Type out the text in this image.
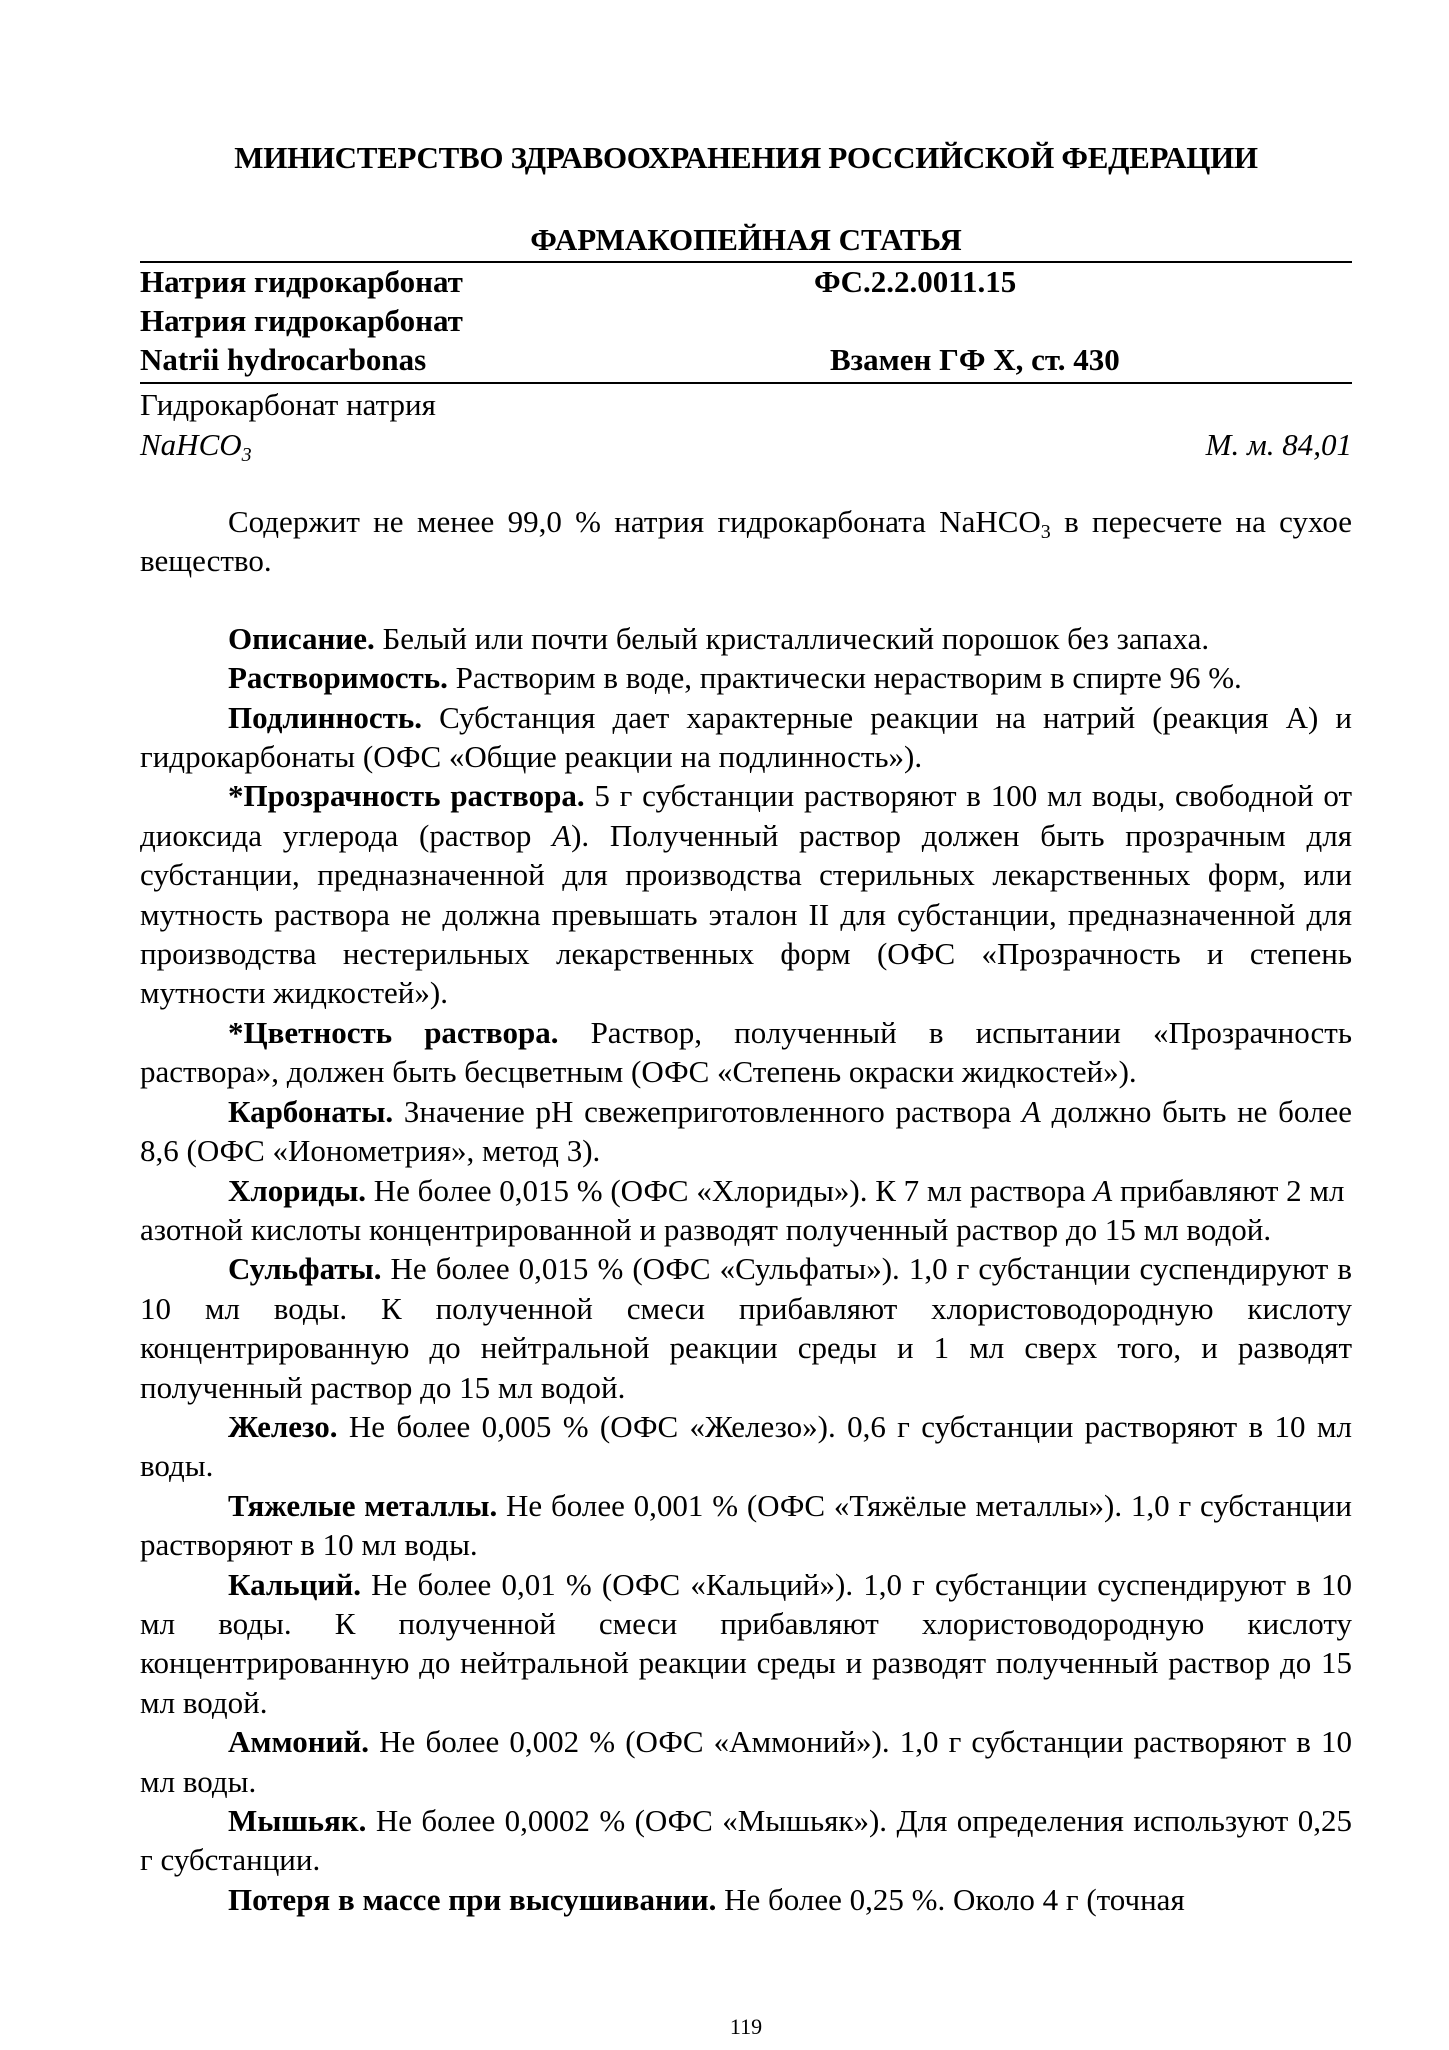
МИНИСТЕРСТВО ЗДРАВООХРАНЕНИЯ РОССИЙСКОЙ ФЕДЕРАЦИИ
ФАРМАКОПЕЙНАЯ СТАТЬЯ
Натрия гидрокарбонат	ФС.2.2.0011.15
Натрия гидрокарбонат
Natrii hydrocarbonas	Взамен ГФ Х, ст. 430
Гидрокарбонат натрия
NaHCO$_3$	М. м. 84,01

Содержит не менее 99,0 % натрия гидрокарбоната NaHCO$_3$ в пересчете на сухое вещество.

Описание. Белый или почти белый кристаллический порошок без запаха.

Растворимость. Растворим в воде, практически нерастворим в спирте 96 %.

Подлинность. Субстанция дает характерные реакции на натрий (реакция А) и гидрокарбонаты (ОФС «Общие реакции на подлинность»).

*Прозрачность раствора. 5 г субстанции растворяют в 100 мл воды, свободной от диоксида углерода (раствор А). Полученный раствор должен быть прозрачным для субстанции, предназначенной для производства стерильных лекарственных форм, или мутность раствора не должна превышать эталон II для субстанции, предназначенной для производства нестерильных лекарственных форм (ОФС «Прозрачность и степень мутности жидкостей»).

*Цветность раствора. Раствор, полученный в испытании «Прозрачность раствора», должен быть бесцветным (ОФС «Степень окраски жидкостей»).

Карбонаты. Значение pH свежеприготовленного раствора А должно быть не более 8,6 (ОФС «Ионометрия», метод 3).

Хлориды. Не более 0,015 % (ОФС «Хлориды»). К 7 мл раствора А прибавляют 2 мл азотной кислоты концентрированной и разводят полученный раствор до 15 мл водой.

Сульфаты. Не более 0,015 % (ОФС «Сульфаты»). 1,0 г субстанции суспендируют в 10 мл воды. К полученной смеси прибавляют хлористоводородную кислоту концентрированную до нейтральной реакции среды и 1 мл сверх того, и разводят полученный раствор до 15 мл водой.

Железо. Не более 0,005 % (ОФС «Железо»). 0,6 г субстанции растворяют в 10 мл воды.

Тяжелые металлы. Не более 0,001 % (ОФС «Тяжёлые металлы»). 1,0 г субстанции растворяют в 10 мл воды.

Кальций. Не более 0,01 % (ОФС «Кальций»). 1,0 г субстанции суспендируют в 10 мл воды. К полученной смеси прибавляют хлористоводородную кислоту концентрированную до нейтральной реакции среды и разводят полученный раствор до 15 мл водой.

Аммоний. Не более 0,002 % (ОФС «Аммоний»). 1,0 г субстанции растворяют в 10 мл воды.

Мышьяк. Не более 0,0002 % (ОФС «Мышьяк»). Для определения используют 0,25 г субстанции.

Потеря в массе при высушивании. Не более 0,25 %. Около 4 г (точная

119
